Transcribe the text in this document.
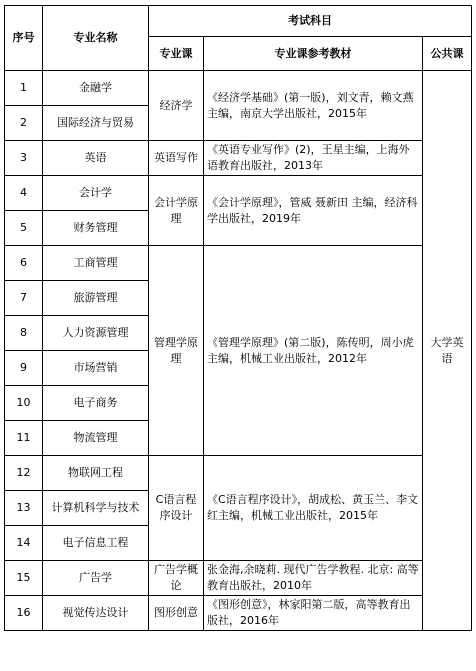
序号	专业名称	考试科目		
		专业课	专业课参考教材	公共课
1	金融学	经济学	《经济学基础》(第一版)，刘文青，赖文燕主编，南京大学出版社，2015年	大学英语
2	国际经济与贸易			
3	英语	英语写作	《英语专业写作》(2)，王星主编，上海外语教育出版社，2013年	
4	会计学	会计学原理	《会计学原理》，管威 聂新田 主编，经济科学出版社，2019年	
5	财务管理			
6	工商管理	管理学原理	《管理学原理》(第二版)，陈传明，周小虎主编，机械工业出版社，2012年	
7	旅游管理			
8	人力资源管理			
9	市场营销			
10	电子商务			
11	物流管理			
12	物联网工程	C语言程序设计	《C语言程序设计》，胡成松、黄玉兰、李文红主编，机械工业出版社，2015年	
13	计算机科学与技术			
14	电子信息工程			
15	广告学	广告学概论	张金海,余晓莉. 现代广告学教程. 北京: 高等教育出版社，2010年	
16	视觉传达设计	图形创意	《图形创意》，林家阳第二版，高等教育出版社，2016年	
